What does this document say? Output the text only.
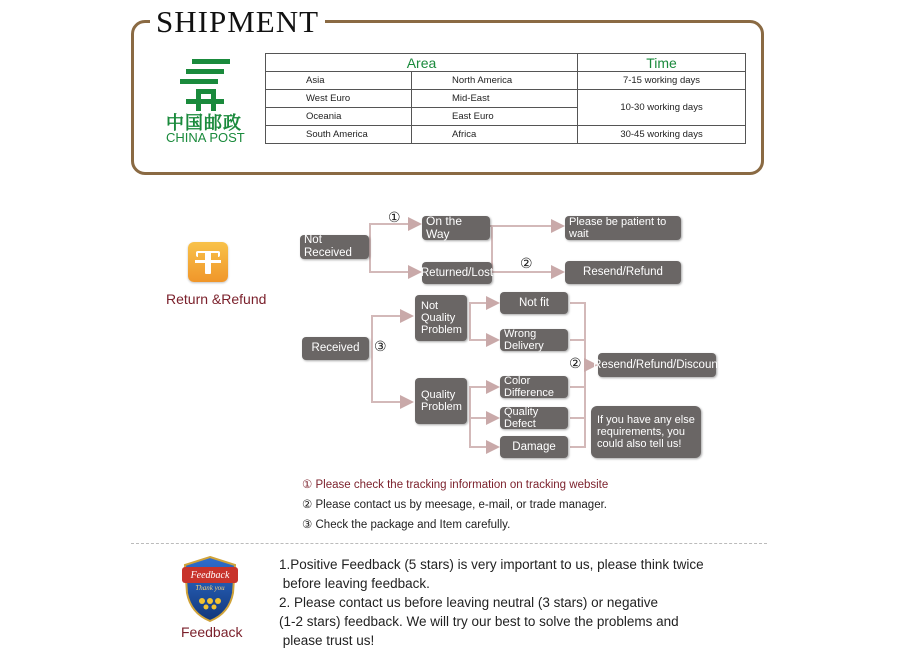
SHIPMENT
中国邮政
CHINA POST
Area		Time
Asia	North America	7-15 working days
West Euro	Mid-East	10-30 working days
Oceania	East Euro	
South America	Africa	30-45 working days
Return &Refund
Not Received
①	On the Way
Returned/Lost
②
Please be patient to wait
Resend/Refund
Received	③
Not Quality Problem
Quality Problem
Not fit
Wrong Delivery
Color Difference
Quality Defect
Damage
② Resend/Refund/Discount
If you have any else requirements, you could also tell us!
① Please check the tracking information on tracking website
② Please contact us by meesage, e-mail, or trade manager.
③ Check the package and Item carefully.
Feedback
Thank you
Feedback
1.Positive Feedback (5 stars) is very important to us, please think twice
before leaving feedback.
2. Please contact us before leaving neutral (3 stars) or negative
(1-2 stars) feedback. We will try our best to solve the problems and
please trust us!
